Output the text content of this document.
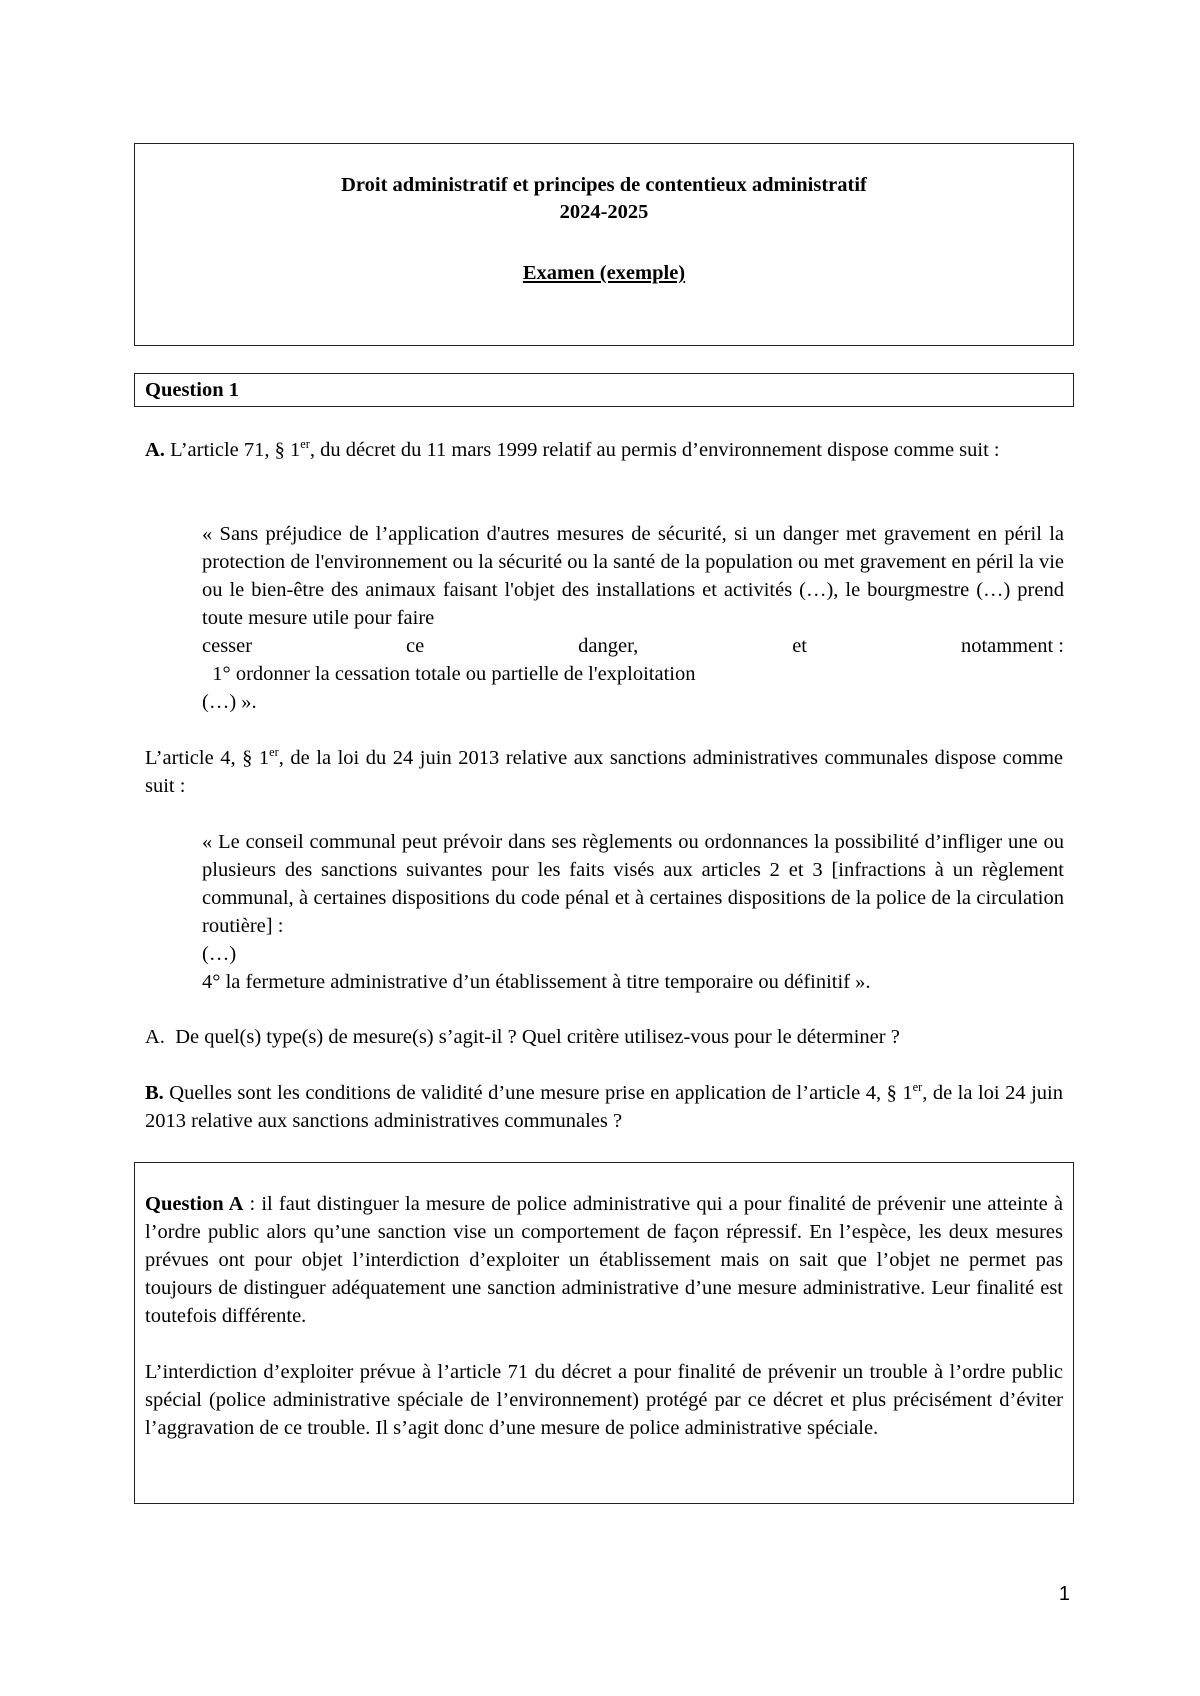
Droit administratif et principes de contentieux administratif
2024-2025
Examen (exemple)
Question 1

A. L’article 71, § 1er, du décret du 11 mars 1999 relatif au permis d’environnement dispose comme suit :

« Sans préjudice de l’application d'autres mesures de sécurité, si un danger met gravement en péril la protection de l'environnement ou la sécurité ou la santé de la population ou met gravement en péril la vie ou le bien-être des animaux faisant l'objet des installations et activités (…), le bourgmestre (…) prend toute mesure utile pour faire
cesser	ce	danger,	et	notamment :
1° ordonner la cessation totale ou partielle de l'exploitation
(…) ».

L’article 4, § 1er, de la loi du 24 juin 2013 relative aux sanctions administratives communales dispose comme suit :

« Le conseil communal peut prévoir dans ses règlements ou ordonnances la possibilité d’infliger une ou plusieurs des sanctions suivantes pour les faits visés aux articles 2 et 3 [infractions à un règlement communal, à certaines dispositions du code pénal et à certaines dispositions de la police de la circulation routière] :
(…)
4° la fermeture administrative d’un établissement à titre temporaire ou définitif ».

A. De quel(s) type(s) de mesure(s) s’agit-il ? Quel critère utilisez-vous pour le déterminer ?

B. Quelles sont les conditions de validité d’une mesure prise en application de l’article 4, § 1er, de la loi 24 juin 2013 relative aux sanctions administratives communales ?

Question A : il faut distinguer la mesure de police administrative qui a pour finalité de prévenir une atteinte à l’ordre public alors qu’une sanction vise un comportement de façon répressif. En l’espèce, les deux mesures prévues ont pour objet l’interdiction d’exploiter un établissement mais on sait que l’objet ne permet pas toujours de distinguer adéquatement une sanction administrative d’une mesure administrative. Leur finalité est toutefois différente.

L’interdiction d’exploiter prévue à l’article 71 du décret a pour finalité de prévenir un trouble à l’ordre public spécial (police administrative spéciale de l’environnement) protégé par ce décret et plus précisément d’éviter l’aggravation de ce trouble. Il s’agit donc d’une mesure de police administrative spéciale.

1
